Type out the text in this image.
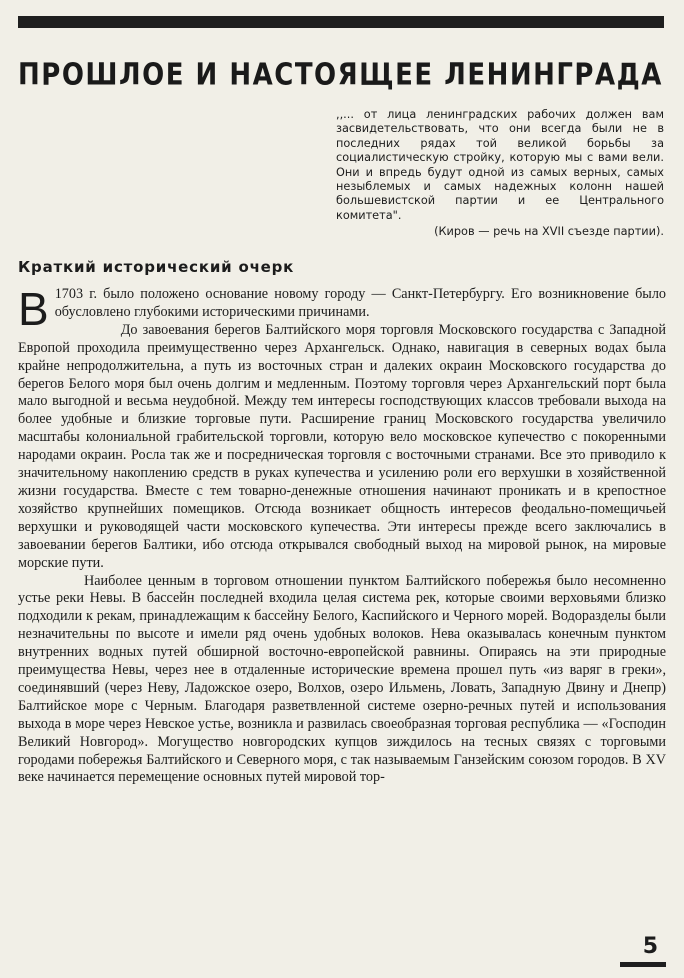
ПРОШЛОЕ И НАСТОЯЩЕЕ ЛЕНИНГРАДА
,,... от лица ленинградских рабочих должен вам засвидетельствовать, что они всегда были не в последних рядах той великой борьбы за социалистическую стройку, которую мы с вами вели. Они и впредь будут одной из самых верных, самых незыблемых и самых надежных колонн нашей большевистской партии и ее Центрального комитета".
(Киров — речь на XVII съезде партии).
Краткий исторический очерк

В 1703 г. было положено основание новому городу — Санкт-Петербургу. Его возникновение было обусловлено глубокими историческими причинами.

До завоевания берегов Балтийского моря торговля Московского государства с Западной Европой проходила преимущественно через Архангельск. Однако, навигация в северных водах была крайне непродолжительна, а путь из восточных стран и далеких окраин Московского государства до берегов Белого моря был очень долгим и медленным. Поэтому торговля через Архангельский порт была мало выгодной и весьма неудобной. Между тем интересы господствующих классов требовали выхода на более удобные и близкие торговые пути. Расширение границ Московского государства увеличило масштабы колониальной грабительской торговли, которую вело московское купечество с покоренными народами окраин. Росла так же и посредническая торговля с восточными странами. Все это приводило к значительному накоплению средств в руках купечества и усилению роли его верхушки в хозяйственной жизни государства. Вместе с тем товарно-денежные отношения начинают проникать и в крепостное хозяйство крупнейших помещиков. Отсюда возникает общность интересов феодально-помещичьей верхушки и руководящей части московского купечества. Эти интересы прежде всего заключались в завоевании берегов Балтики, ибо отсюда открывался свободный выход на мировой рынок, на мировые морские пути.

Наиболее ценным в торговом отношении пунктом Балтийского побережья было несомненно устье реки Невы. В бассейн последней входила целая система рек, которые своими верховьями близко подходили к рекам, принадлежащим к бассейну Белого, Каспийского и Черного морей. Водоразделы были незначительны по высоте и имели ряд очень удобных волоков. Нева оказывалась конечным пунктом внутренних водных путей обширной восточно-европейской равнины. Опираясь на эти природные преимущества Невы, через нее в отдаленные исторические времена прошел путь «из варяг в греки», соединявший (через Неву, Ладожское озеро, Волхов, озеро Ильмень, Ловать, Западную Двину и Днепр) Балтийское море с Черным. Благодаря разветвленной системе озерно-речных путей и использования выхода в море через Невское устье, возникла и развилась своеобразная торговая республика — «Господин Великий Новгород». Могущество новгородских купцов зиждилось на тесных связях с торговыми городами побережья Балтийского и Северного моря, с так называемым Ганзейским союзом городов. В XV веке начинается перемещение основных путей мировой тор-

5
